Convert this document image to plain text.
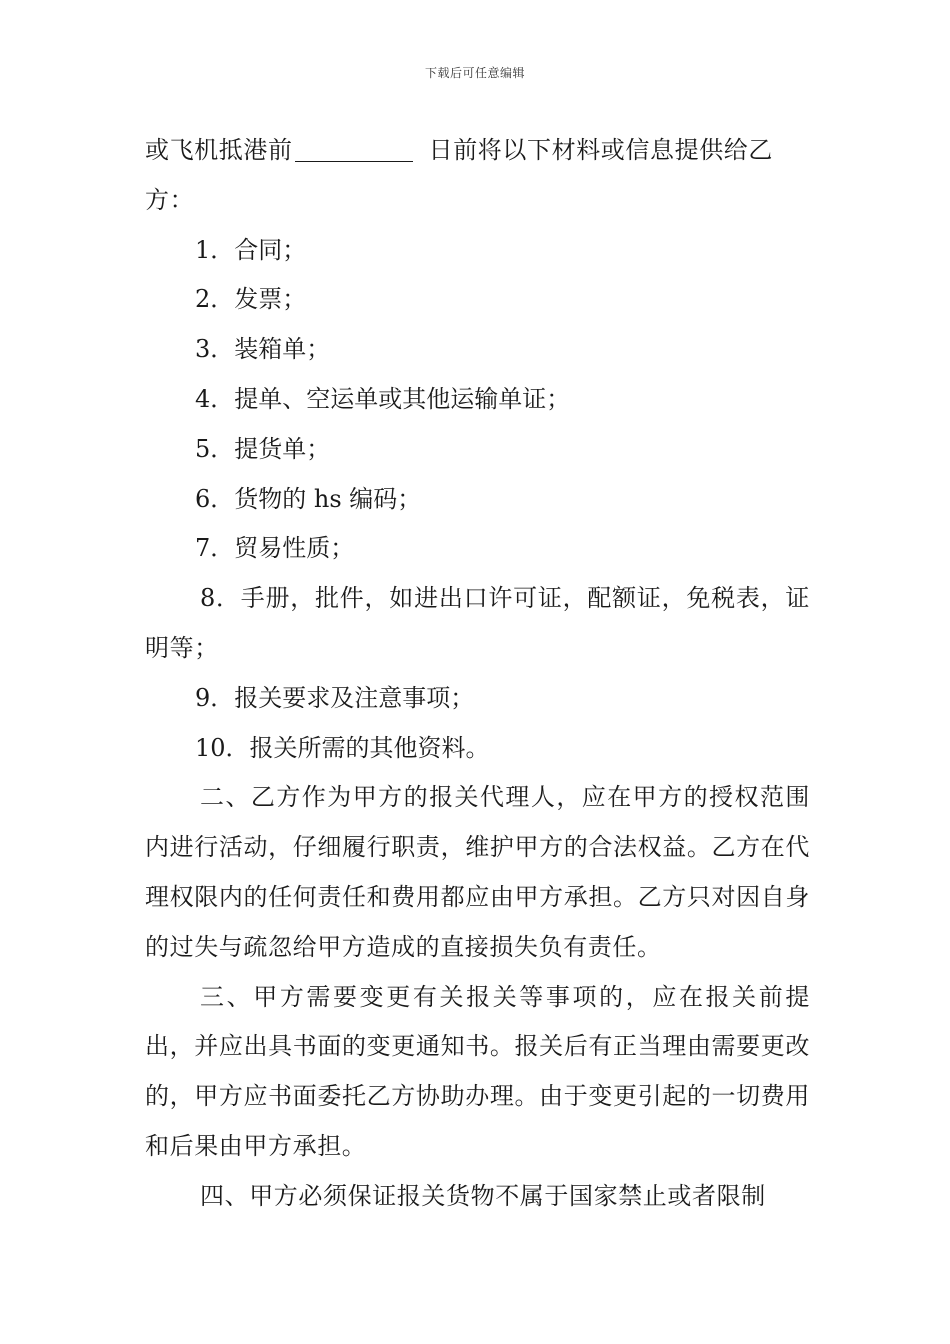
下载后可任意编辑

或飞机抵港前	日前将以下材料或信息提供给乙方：

1．合同；

2．发票；

3．装箱单；

4．提单、空运单或其他运输单证；

5．提货单；

6．货物的 hs 编码；

7．贸易性质；

8．手册，批件，如进出口许可证，配额证，免税表，证明等；

9．报关要求及注意事项；

10．报关所需的其他资料。

二、乙方作为甲方的报关代理人，应在甲方的授权范围内进行活动，仔细履行职责，维护甲方的合法权益。乙方在代理权限内的任何责任和费用都应由甲方承担。乙方只对因自身的过失与疏忽给甲方造成的直接损失负有责任。

三、甲方需要变更有关报关等事项的，应在报关前提出，并应出具书面的变更通知书。报关后有正当理由需要更改的，甲方应书面委托乙方协助办理。由于变更引起的一切费用和后果由甲方承担。

四、甲方必须保证报关货物不属于国家禁止或者限制
